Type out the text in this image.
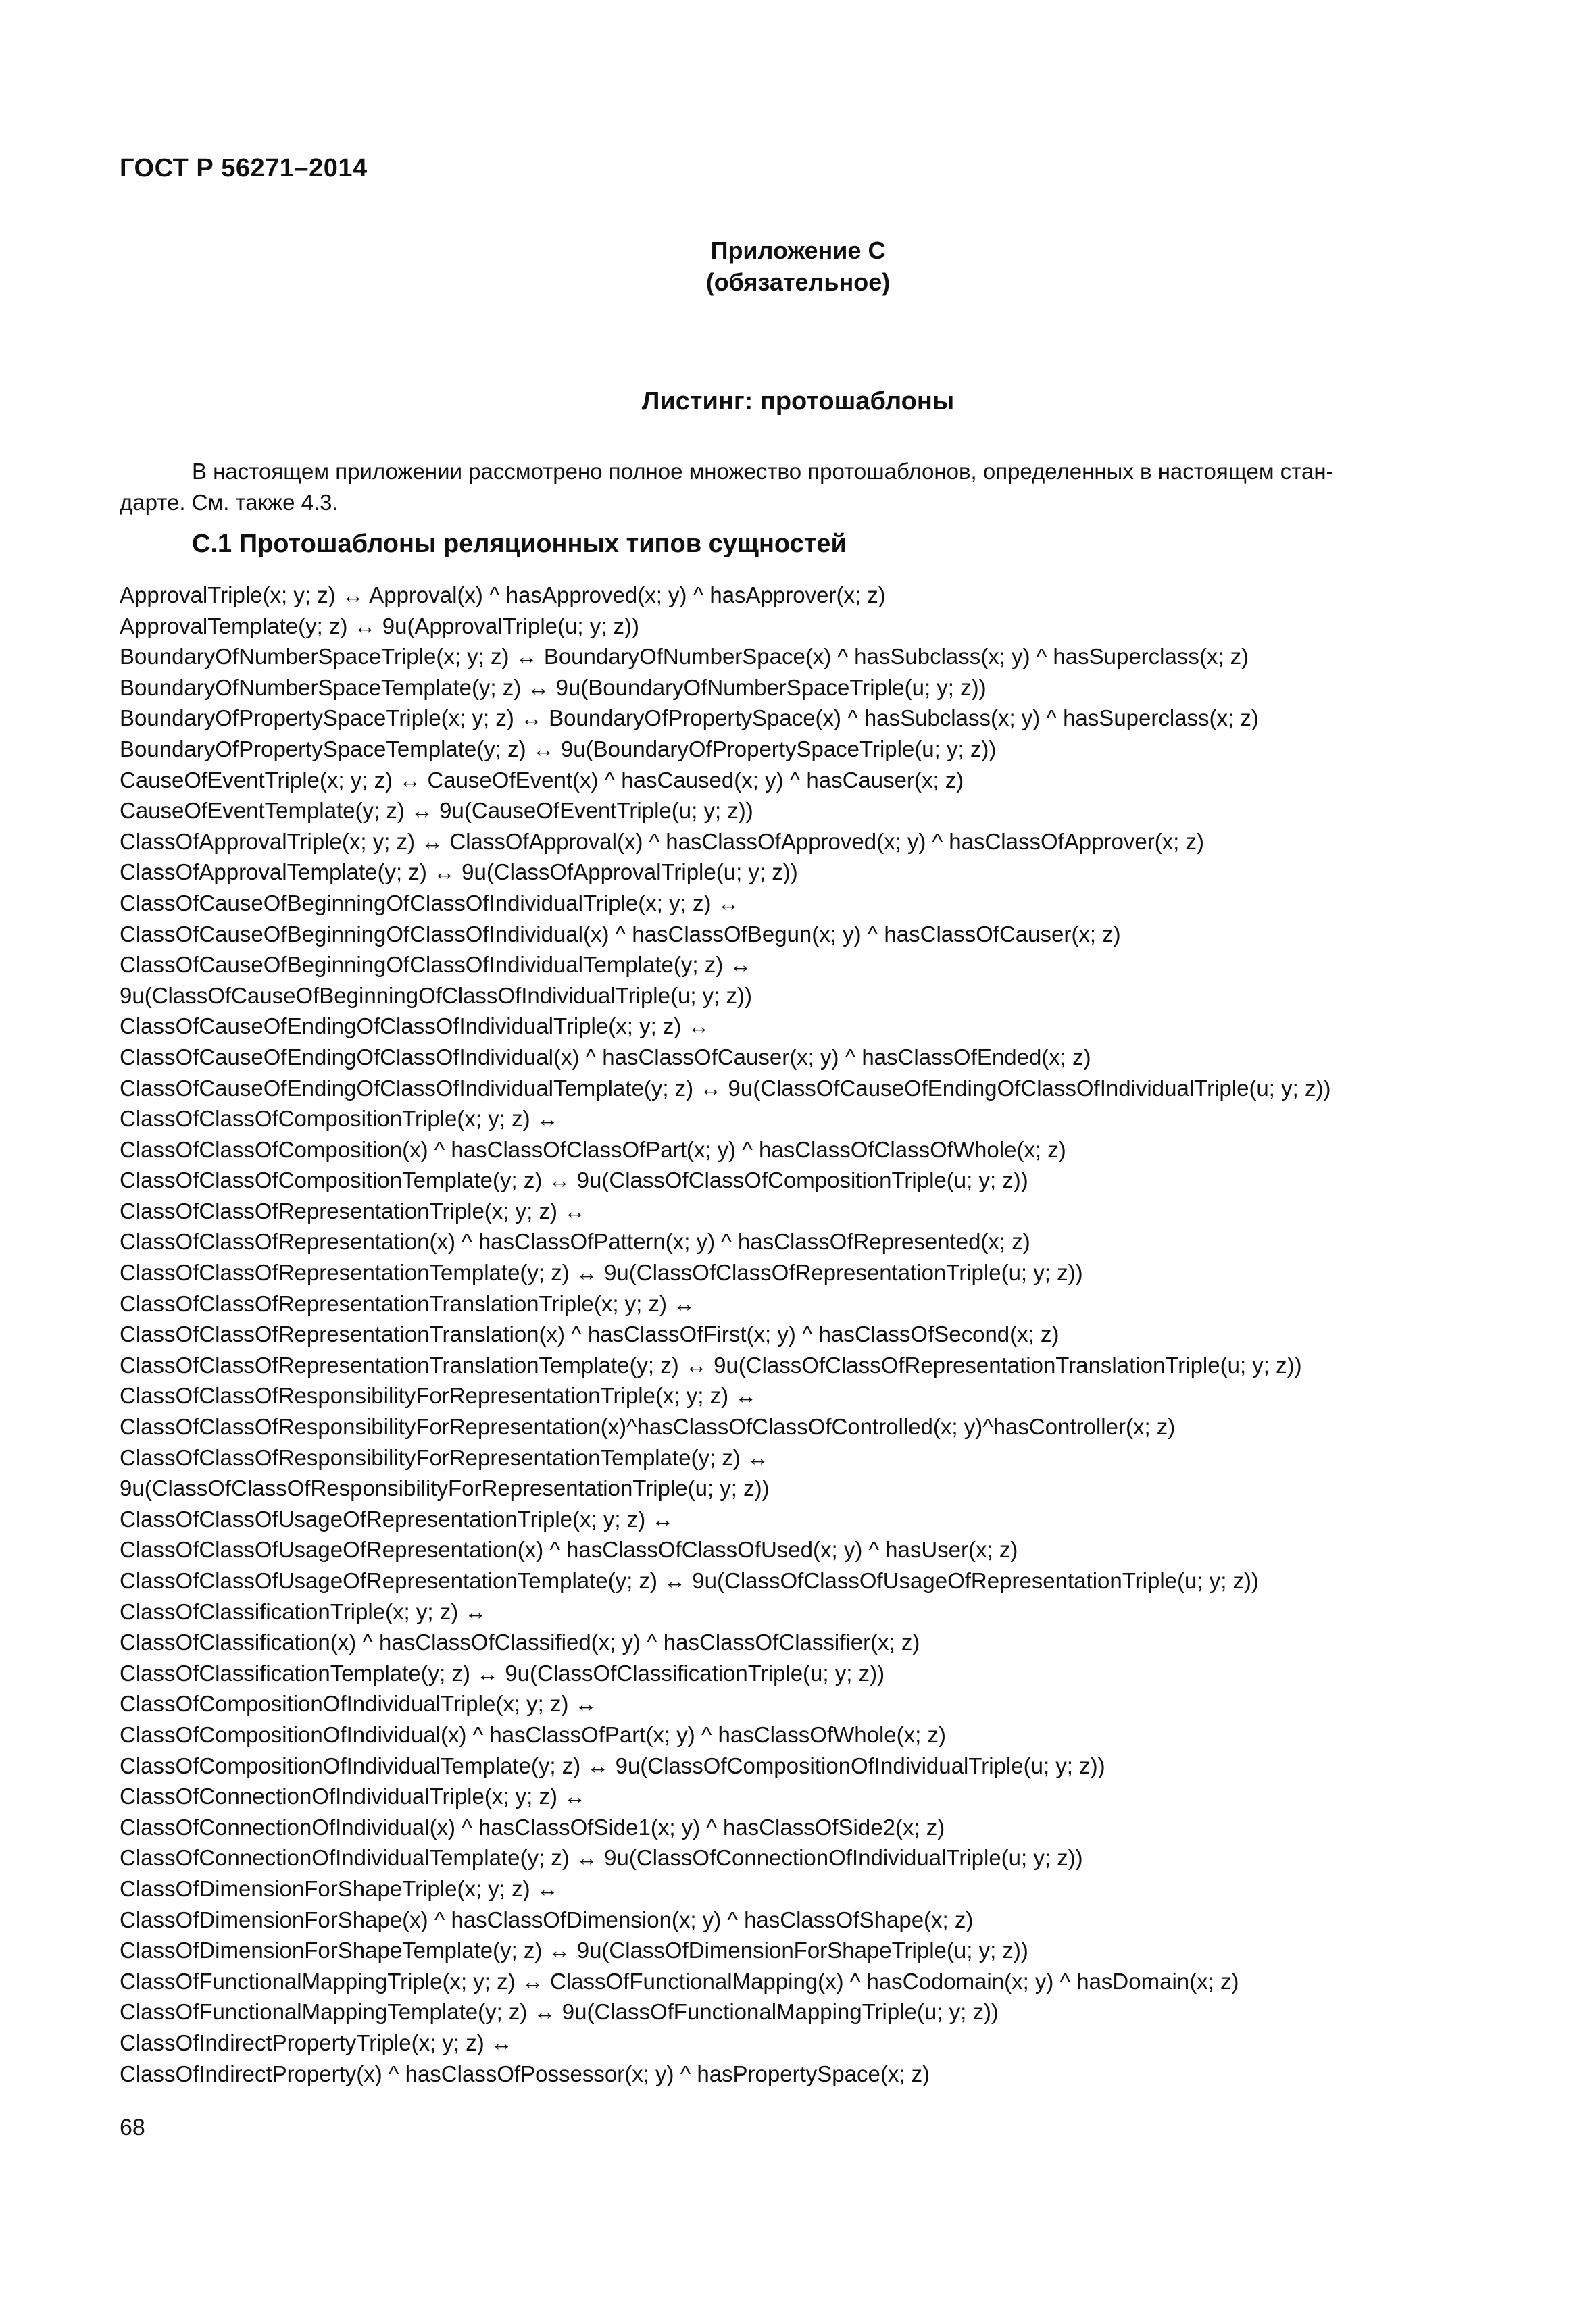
ГОСТ Р 56271–2014
Приложение С
(обязательное)
Листинг: протошаблоны
В настоящем приложении рассмотрено полное множество протошаблонов, определенных в настоящем стан-
дарте. См. также 4.3.
С.1 Протошаблоны реляционных типов сущностей
ApprovalTriple(x; y; z) ↔ Approval(x) ^ hasApproved(x; y) ^ hasApprover(x; z)
ApprovalTemplate(y; z) ↔ 9u(ApprovalTriple(u; y; z))
BoundaryOfNumberSpaceTriple(x; y; z) ↔ BoundaryOfNumberSpace(x) ^ hasSubclass(x; y) ^ hasSuperclass(x; z)
BoundaryOfNumberSpaceTemplate(y; z) ↔ 9u(BoundaryOfNumberSpaceTriple(u; y; z))
BoundaryOfPropertySpaceTriple(x; y; z) ↔ BoundaryOfPropertySpace(x) ^ hasSubclass(x; y) ^ hasSuperclass(x; z)
BoundaryOfPropertySpaceTemplate(y; z) ↔ 9u(BoundaryOfPropertySpaceTriple(u; y; z))
CauseOfEventTriple(x; y; z) ↔ CauseOfEvent(x) ^ hasCaused(x; y) ^ hasCauser(x; z)
CauseOfEventTemplate(y; z) ↔ 9u(CauseOfEventTriple(u; y; z))
ClassOfApprovalTriple(x; y; z) ↔ ClassOfApproval(x) ^ hasClassOfApproved(x; y) ^ hasClassOfApprover(x; z)
ClassOfApprovalTemplate(y; z) ↔ 9u(ClassOfApprovalTriple(u; y; z))
ClassOfCauseOfBeginningOfClassOfIndividualTriple(x; y; z) ↔
ClassOfCauseOfBeginningOfClassOfIndividual(x) ^ hasClassOfBegun(x; y) ^ hasClassOfCauser(x; z)
ClassOfCauseOfBeginningOfClassOfIndividualTemplate(y; z) ↔
9u(ClassOfCauseOfBeginningOfClassOfIndividualTriple(u; y; z))
ClassOfCauseOfEndingOfClassOfIndividualTriple(x; y; z) ↔
ClassOfCauseOfEndingOfClassOfIndividual(x) ^ hasClassOfCauser(x; y) ^ hasClassOfEnded(x; z)
ClassOfCauseOfEndingOfClassOfIndividualTemplate(y; z) ↔ 9u(ClassOfCauseOfEndingOfClassOfIndividualTriple(u; y; z))
ClassOfClassOfCompositionTriple(x; y; z) ↔
ClassOfClassOfComposition(x) ^ hasClassOfClassOfPart(x; y) ^ hasClassOfClassOfWhole(x; z)
ClassOfClassOfCompositionTemplate(y; z) ↔ 9u(ClassOfClassOfCompositionTriple(u; y; z))
ClassOfClassOfRepresentationTriple(x; y; z) ↔
ClassOfClassOfRepresentation(x) ^ hasClassOfPattern(x; y) ^ hasClassOfRepresented(x; z)
ClassOfClassOfRepresentationTemplate(y; z) ↔ 9u(ClassOfClassOfRepresentationTriple(u; y; z))
ClassOfClassOfRepresentationTranslationTriple(x; y; z) ↔
ClassOfClassOfRepresentationTranslation(x) ^ hasClassOfFirst(x; y) ^ hasClassOfSecond(x; z)
ClassOfClassOfRepresentationTranslationTemplate(y; z) ↔ 9u(ClassOfClassOfRepresentationTranslationTriple(u; y; z))
ClassOfClassOfResponsibilityForRepresentationTriple(x; y; z) ↔
ClassOfClassOfResponsibilityForRepresentation(x)^hasClassOfClassOfControlled(x; y)^hasController(x; z)
ClassOfClassOfResponsibilityForRepresentationTemplate(y; z) ↔
9u(ClassOfClassOfResponsibilityForRepresentationTriple(u; y; z))
ClassOfClassOfUsageOfRepresentationTriple(x; y; z) ↔
ClassOfClassOfUsageOfRepresentation(x) ^ hasClassOfClassOfUsed(x; y) ^ hasUser(x; z)
ClassOfClassOfUsageOfRepresentationTemplate(y; z) ↔ 9u(ClassOfClassOfUsageOfRepresentationTriple(u; y; z))
ClassOfClassificationTriple(x; y; z) ↔
ClassOfClassification(x) ^ hasClassOfClassified(x; y) ^ hasClassOfClassifier(x; z)
ClassOfClassificationTemplate(y; z) ↔ 9u(ClassOfClassificationTriple(u; y; z))
ClassOfCompositionOfIndividualTriple(x; y; z) ↔
ClassOfCompositionOfIndividual(x) ^ hasClassOfPart(x; y) ^ hasClassOfWhole(x; z)
ClassOfCompositionOfIndividualTemplate(y; z) ↔ 9u(ClassOfCompositionOfIndividualTriple(u; y; z))
ClassOfConnectionOfIndividualTriple(x; y; z) ↔
ClassOfConnectionOfIndividual(x) ^ hasClassOfSide1(x; y) ^ hasClassOfSide2(x; z)
ClassOfConnectionOfIndividualTemplate(y; z) ↔ 9u(ClassOfConnectionOfIndividualTriple(u; y; z))
ClassOfDimensionForShapeTriple(x; y; z) ↔
ClassOfDimensionForShape(x) ^ hasClassOfDimension(x; y) ^ hasClassOfShape(x; z)
ClassOfDimensionForShapeTemplate(y; z) ↔ 9u(ClassOfDimensionForShapeTriple(u; y; z))
ClassOfFunctionalMappingTriple(x; y; z) ↔ ClassOfFunctionalMapping(x) ^ hasCodomain(x; y) ^ hasDomain(x; z)
ClassOfFunctionalMappingTemplate(y; z) ↔ 9u(ClassOfFunctionalMappingTriple(u; y; z))
ClassOfIndirectPropertyTriple(x; y; z) ↔
ClassOfIndirectProperty(x) ^ hasClassOfPossessor(x; y) ^ hasPropertySpace(x; z)
68
